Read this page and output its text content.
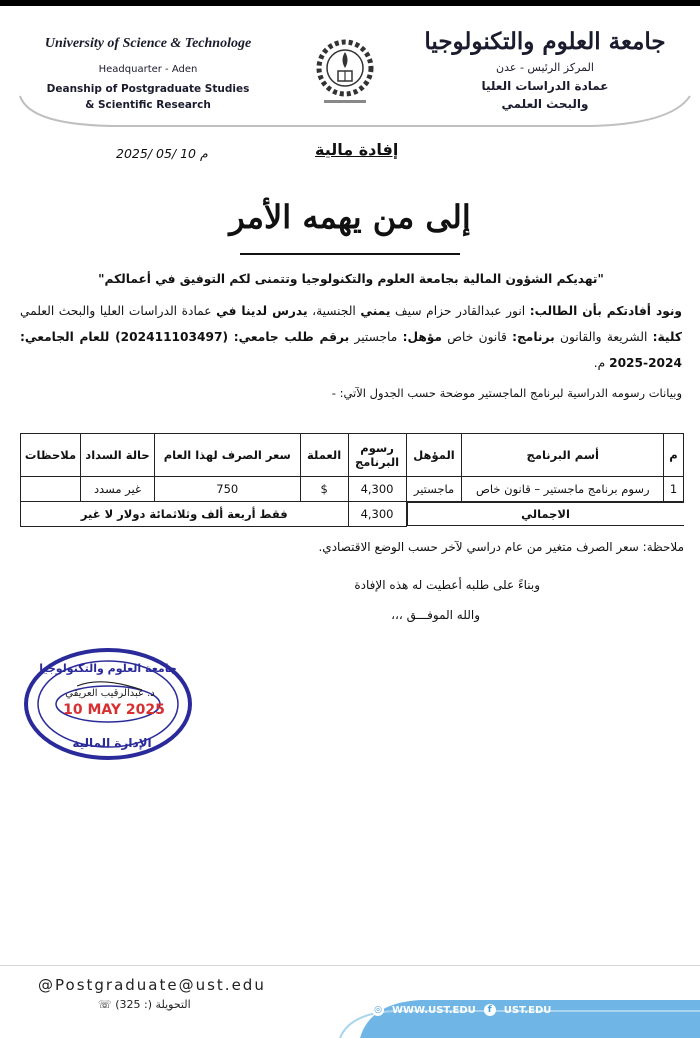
University of Science & Technologe
Headquarter - Aden
Deanship of Postgraduate Studies
& Scientific Research
جامعة العلوم والتكنولوجيا
المركز الرئيس - عدن
عمادة الدراسات العليا
والبحث العلمي
2025/ 05/ 10 م	إفادة مالية
إلى من يهمه الأمر
"تهديكم الشؤون المالية بجامعة العلوم والتكنولوجيا وتتمنى لكم التوفيق في أعمالكم"
ونود أفادتكم بأن الطالب: انور عبدالقادر حزام سيف يمني الجنسية، يدرس لدينا في عمادة الدراسات العليا والبحث العلمي كلية: الشريعة والقانون برنامج: قانون خاص مؤهل: ماجستير برقم طلب جامعي: (202411103497) للعام الجامعي: 2024-2025 م.
وبيانات رسومه الدراسية لبرنامج الماجستير موضحة حسب الجدول الآتي: -
م	أسم البرنامج	المؤهل	رسوم البرنامج	العملة	سعر الصرف لهذا العام	حالة السداد	ملاحظات
1	رسوم برنامج ماجستير – قانون خاص	ماجستير	4,300	$	750	غير مسدد	

الاجمالي			4,300	فقط أربعة ألف وثلاثمائة دولار لا غير			
ملاحظة: سعر الصرف متغير من عام دراسي لآخر حسب الوضع الاقتصادي.
وبناءً على طلبه أعطيت له هذه الإفادة
والله الموفـــق ،،،
جامعة العلوم والتكنولوجيا
د. عبدالرقيب العريقي
10 MAY 2025
الإدارة المالية
@Postgraduate@ust.edu
☏ (325 :) التحويلة	◎ WWW.UST.EDU	f	UST.EDU
